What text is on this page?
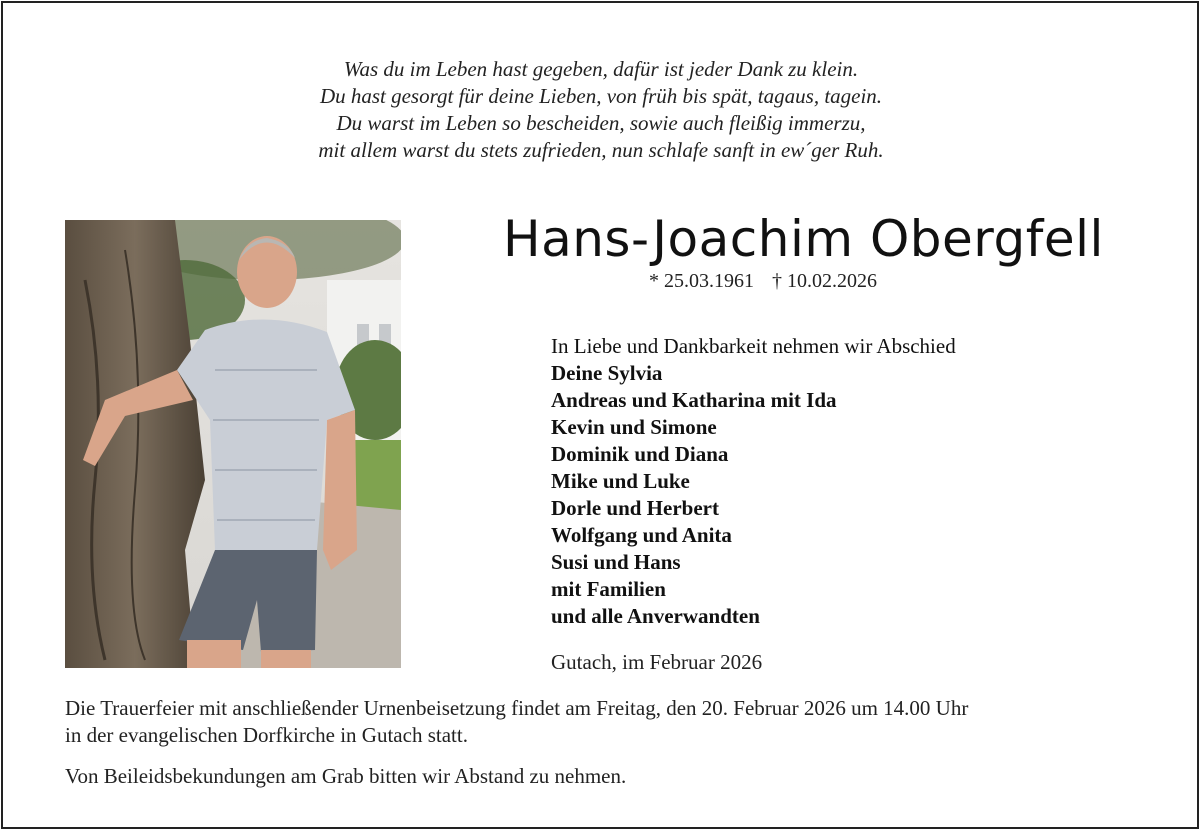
Was du im Leben hast gegeben, dafür ist jeder Dank zu klein.
Du hast gesorgt für deine Lieben, von früh bis spät, tagaus, tagein.
Du warst im Leben so bescheiden, sowie auch fleißig immerzu,
mit allem warst du stets zufrieden, nun schlafe sanft in ew´ger Ruh.
Hans-Joachim Obergfell
* 25.03.1961 † 10.02.2026
In Liebe und Dankbarkeit nehmen wir Abschied
Deine Sylvia
Andreas und Katharina mit Ida
Kevin und Simone
Dominik und Diana
Mike und Luke
Dorle und Herbert
Wolfgang und Anita
Susi und Hans
mit Familien
und alle Anverwandten
Gutach, im Februar 2026
Die Trauerfeier mit anschließender Urnenbeisetzung findet am Freitag, den 20. Februar 2026 um 14.00 Uhr
in der evangelischen Dorfkirche in Gutach statt.
Von Beileidsbekundungen am Grab bitten wir Abstand zu nehmen.
